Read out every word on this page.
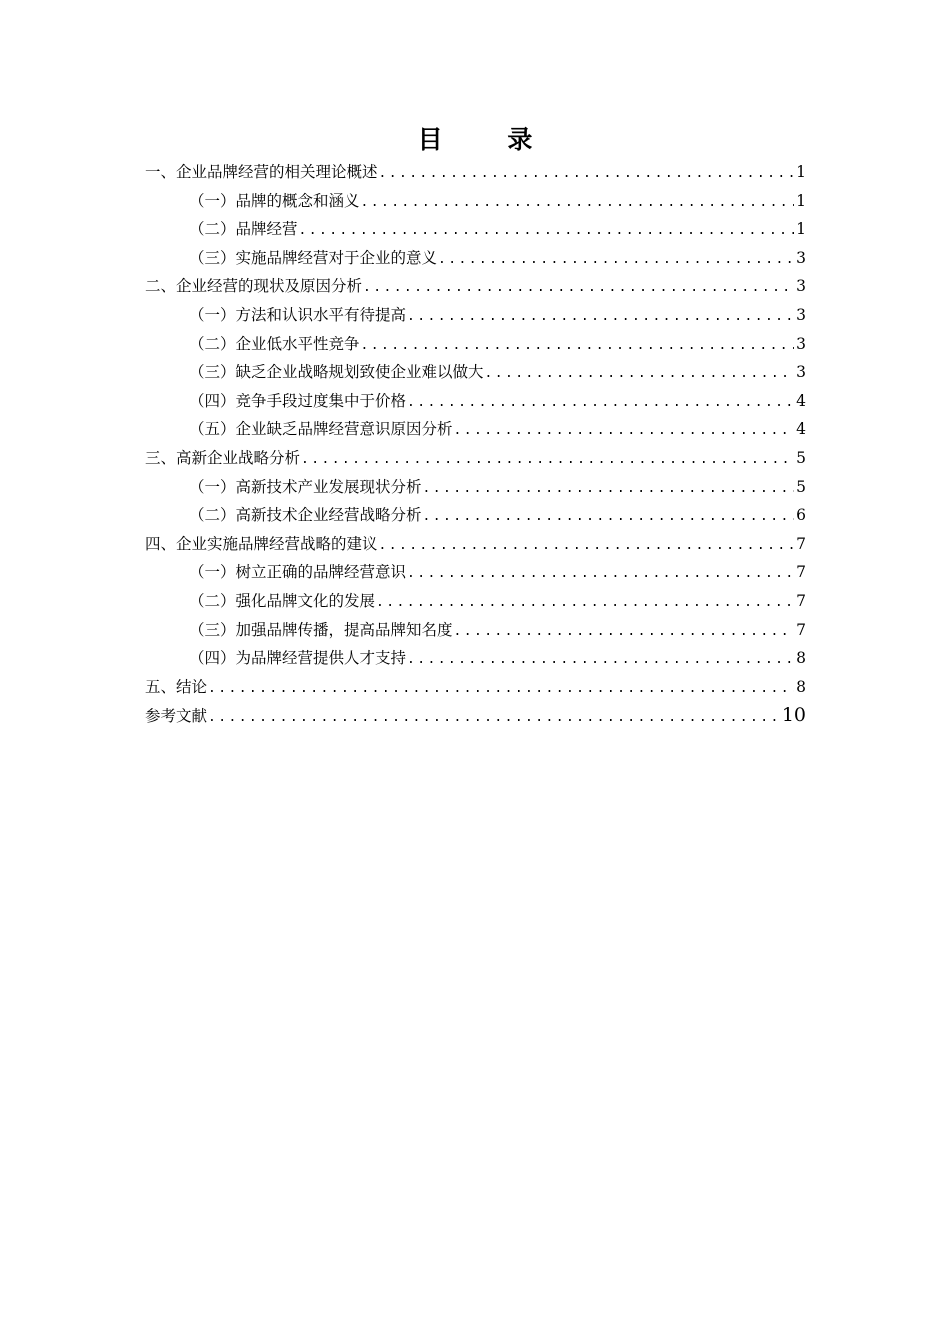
目 录
一、企业品牌经营的相关理论概述 .....	1
（一）品牌的概念和涵义 .....	1
（二）品牌经营 .....	1
（三）实施品牌经营对于企业的意义 .....	3
二、企业经营的现状及原因分析 .....	3
（一）方法和认识水平有待提高 .....	3
（二）企业低水平性竞争 .....	3
（三）缺乏企业战略规划致使企业难以做大 .....	3
（四）竞争手段过度集中于价格 .....	4
（五）企业缺乏品牌经营意识原因分析 .....	4
三、高新企业战略分析 .....	5
（一）高新技术产业发展现状分析 .....	5
（二）高新技术企业经营战略分析 .....	6
四、企业实施品牌经营战略的建议 .....	7
（一）树立正确的品牌经营意识 .....	7
（二）强化品牌文化的发展 .....	7
（三）加强品牌传播，提高品牌知名度 .....	7
（四）为品牌经营提供人才支持 .....	8
五、结论 .....	8
参考文献 .....	10
